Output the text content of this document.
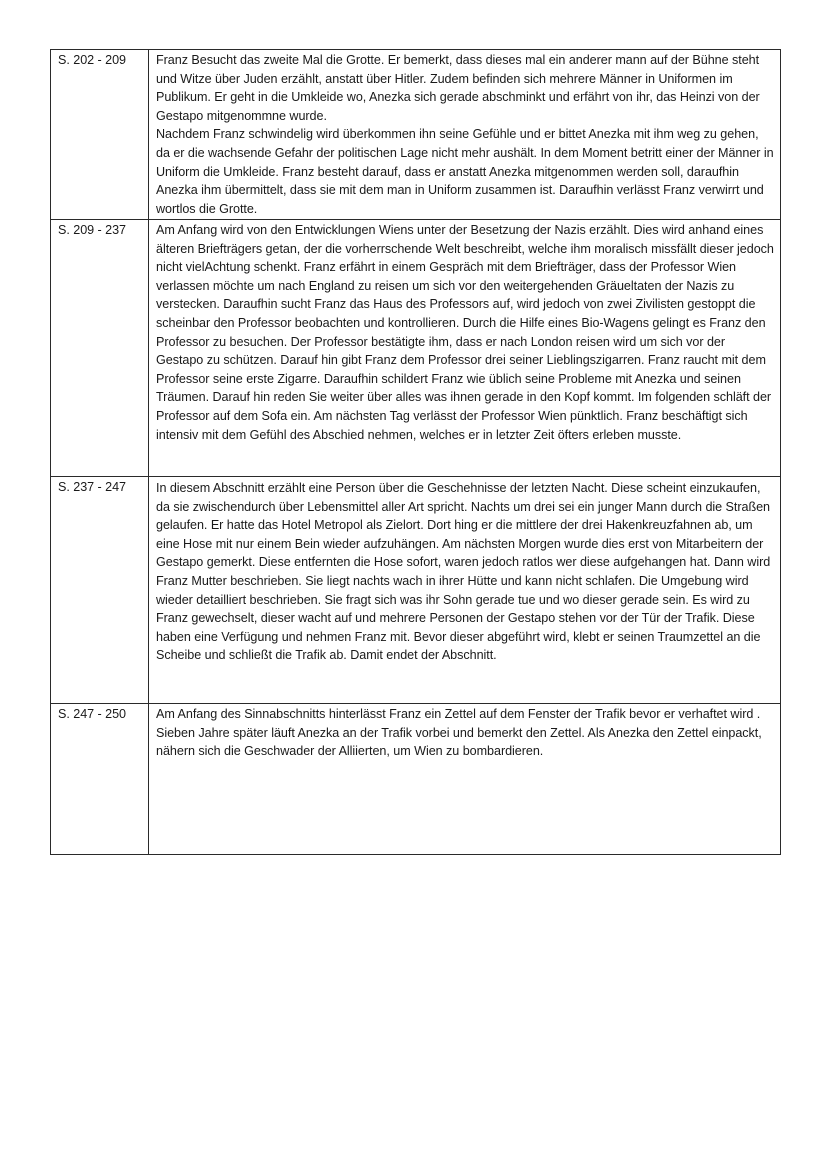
S. 202 - 209	Franz Besucht das zweite Mal die Grotte. Er bemerkt, dass dieses mal ein anderer mann auf der Bühne steht und Witze über Juden erzählt, anstatt über Hitler. Zudem befinden sich mehrere Männer in Uniformen im Publikum. Er geht in die Umkleide wo, Anezka sich gerade abschminkt und erfährt von ihr, das Heinzi von der Gestapo mitgenommne wurde.

Nachdem Franz schwindelig wird überkommen ihn seine Gefühle und er bittet Anezka mit ihm weg zu gehen, da er die wachsende Gefahr der politischen Lage nicht mehr aushält. In dem Moment betritt einer der Männer in Uniform die Umkleide. Franz besteht darauf, dass er anstatt Anezka mitgenommen werden soll, daraufhin Anezka ihm übermittelt, dass sie mit dem man in Uniform zusammen ist. Daraufhin verlässt Franz verwirrt und wortlos die Grotte.

S. 209 - 237	Am Anfang wird von den Entwicklungen Wiens unter der Besetzung der Nazis erzählt. Dies wird anhand eines älteren Briefträgers getan, der die vorherrschende Welt beschreibt, welche ihm moralisch missfällt dieser jedoch nicht vielAchtung schenkt. Franz erfährt in einem Gespräch mit dem Briefträger, dass der Professor Wien verlassen möchte um nach England zu reisen um sich vor den weitergehenden Gräueltaten der Nazis zu verstecken. Daraufhin sucht Franz das Haus des Professors auf, wird jedoch von zwei Zivilisten gestoppt die scheinbar den Professor beobachten und kontrollieren. Durch die Hilfe eines Bio-Wagens gelingt es Franz den Professor zu besuchen. Der Professor bestätigte ihm, dass er nach London reisen wird um sich vor der Gestapo zu schützen. Darauf hin gibt Franz dem Professor drei seiner Lieblingszigarren. Franz raucht mit dem Professor seine erste Zigarre. Daraufhin schildert Franz wie üblich seine Probleme mit Anezka und seinen Träumen. Darauf hin reden Sie weiter über alles was ihnen gerade in den Kopf kommt. Im folgenden schläft der Professor auf dem Sofa ein. Am nächsten Tag verlässt der Professor Wien pünktlich. Franz beschäftigt sich intensiv mit dem Gefühl des Abschied nehmen, welches er in letzter Zeit öfters erleben musste.

S. 237 - 247	In diesem Abschnitt erzählt eine Person über die Geschehnisse der letzten Nacht. Diese scheint einzukaufen, da sie zwischendurch über Lebensmittel aller Art spricht. Nachts um drei sei ein junger Mann durch die Straßen gelaufen. Er hatte das Hotel Metropol als Zielort. Dort hing er die mittlere der drei Hakenkreuzfahnen ab, um eine Hose mit nur einem Bein wieder aufzuhängen. Am nächsten Morgen wurde dies erst von Mitarbeitern der Gestapo gemerkt. Diese entfernten die Hose sofort, waren jedoch ratlos wer diese aufgehangen hat. Dann wird Franz Mutter beschrieben. Sie liegt nachts wach in ihrer Hütte und kann nicht schlafen. Die Umgebung wird wieder detailliert beschrieben. Sie fragt sich was ihr Sohn gerade tue und wo dieser gerade sein. Es wird zu Franz gewechselt, dieser wacht auf und mehrere Personen der Gestapo stehen vor der Tür der Trafik. Diese haben eine Verfügung und nehmen Franz mit. Bevor dieser abgeführt wird, klebt er seinen Traumzettel an die Scheibe und schließt die Trafik ab. Damit endet der Abschnitt.

S. 247 - 250	Am Anfang des Sinnabschnitts hinterlässt Franz ein Zettel auf dem Fenster der Trafik bevor er verhaftet wird . Sieben Jahre später läuft Anezka an der Trafik vorbei und bemerkt den Zettel. Als Anezka den Zettel einpackt, nähern sich die Geschwader der Alliierten, um Wien zu bombardieren.
